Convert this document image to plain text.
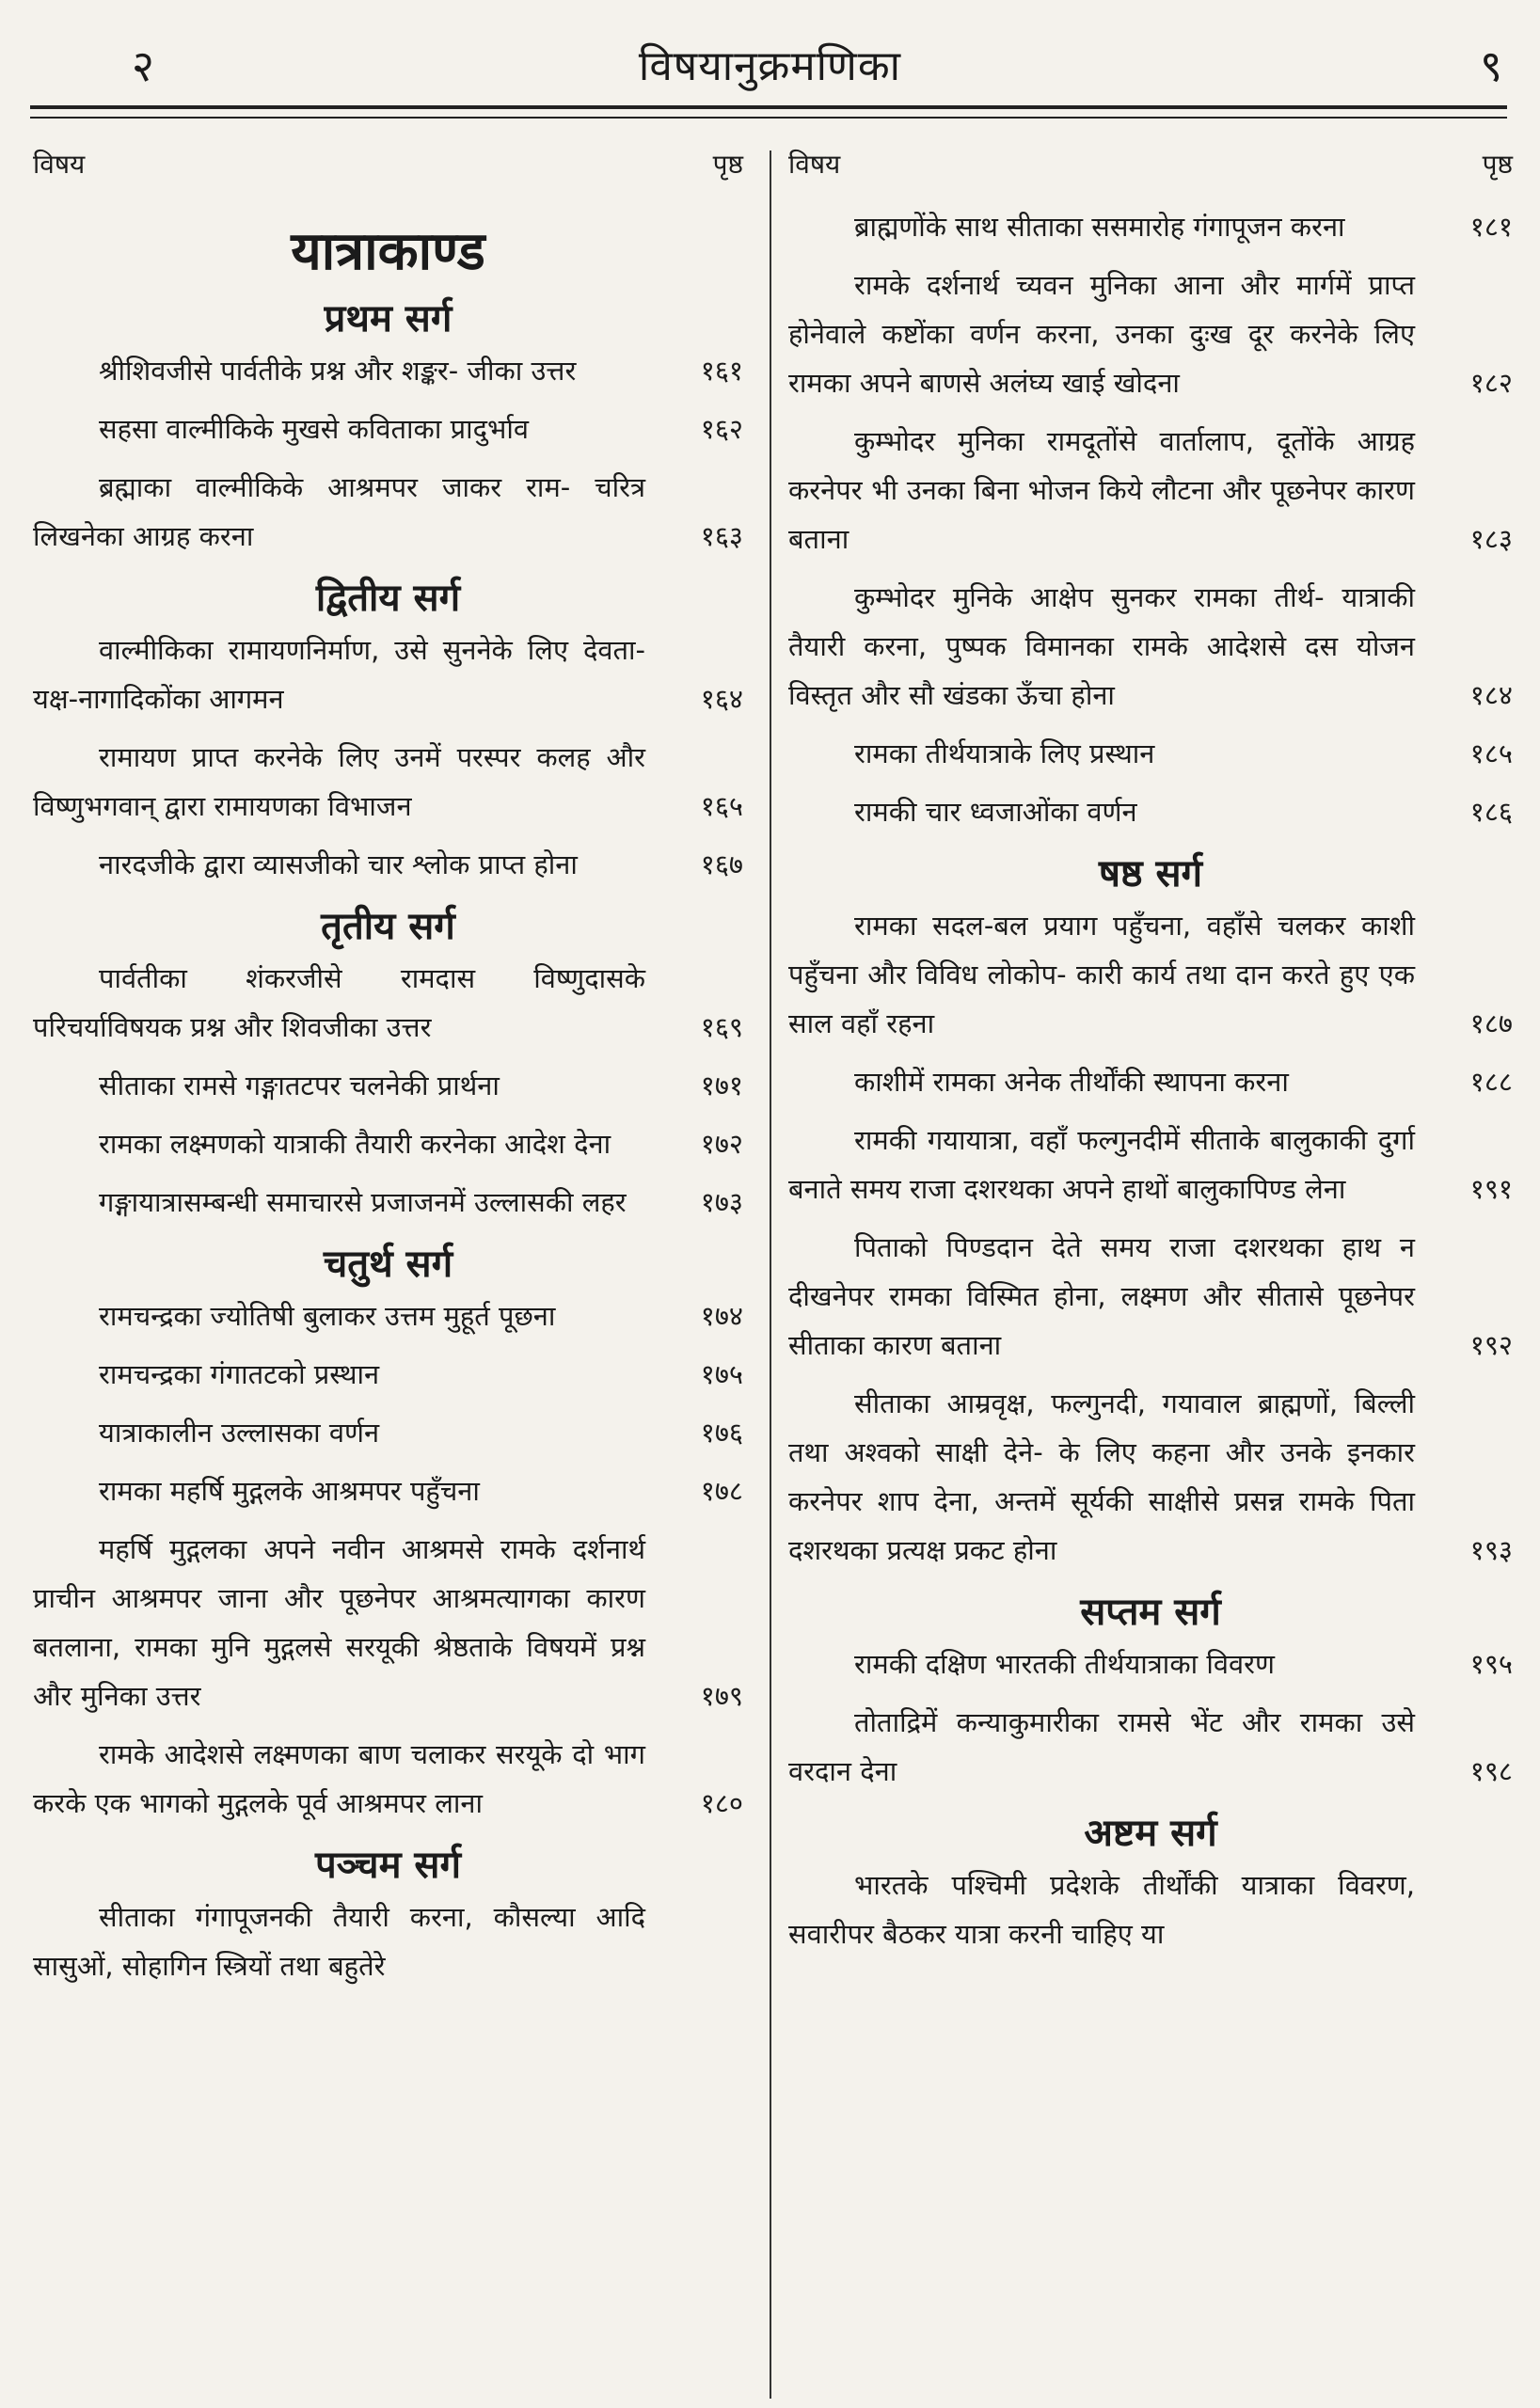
२	विषयानुक्रमणिका	९
विषय	पृष्ठ
यात्राकाण्ड
प्रथम सर्ग
श्रीशिवजीसे पार्वतीके प्रश्न और शङ्कर- जीका उत्तर	१६१
सहसा वाल्मीकिके मुखसे कविताका प्रादुर्भाव	१६२
ब्रह्माका वाल्मीकिके आश्रमपर जाकर राम- चरित्र लिखनेका आग्रह करना	१६३
द्वितीय सर्ग
वाल्मीकिका रामायणनिर्माण, उसे सुननेके लिए देवता-यक्ष-नागादिकोंका आगमन	१६४
रामायण प्राप्त करनेके लिए उनमें परस्पर कलह और विष्णुभगवान् द्वारा रामायणका विभाजन	१६५
नारदजीके द्वारा व्यासजीको चार श्लोक प्राप्त होना	१६७
तृतीय सर्ग
पार्वतीका शंकरजीसे रामदास विष्णुदासके परिचर्याविषयक प्रश्न और शिवजीका उत्तर	१६९
सीताका रामसे गङ्गातटपर चलनेकी प्रार्थना	१७१
रामका लक्ष्मणको यात्राकी तैयारी करनेका आदेश देना	१७२
गङ्गायात्रासम्बन्धी समाचारसे प्रजाजनमें उल्लासकी लहर	१७३
चतुर्थ सर्ग
रामचन्द्रका ज्योतिषी बुलाकर उत्तम मुहूर्त पूछना	१७४
रामचन्द्रका गंगातटको प्रस्थान	१७५
यात्राकालीन उल्लासका वर्णन	१७६
रामका महर्षि मुद्गलके आश्रमपर पहुँचना	१७८
महर्षि मुद्गलका अपने नवीन आश्रमसे रामके दर्शनार्थ प्राचीन आश्रमपर जाना और पूछनेपर आश्रमत्यागका कारण बतलाना, रामका मुनि मुद्गलसे सरयूकी श्रेष्ठताके विषयमें प्रश्न और मुनिका उत्तर	१७९
रामके आदेशसे लक्ष्मणका बाण चलाकर सरयूके दो भाग करके एक भागको मुद्गलके पूर्व आश्रमपर लाना	१८०
पञ्चम सर्ग
सीताका गंगापूजनकी तैयारी करना, कौसल्या आदि सासुओं, सोहागिन स्त्रियों तथा बहुतेरे
विषय	पृष्ठ
ब्राह्मणोंके साथ सीताका ससमारोह गंगापूजन करना	१८१
रामके दर्शनार्थ च्यवन मुनिका आना और मार्गमें प्राप्त होनेवाले कष्टोंका वर्णन करना, उनका दुःख दूर करनेके लिए रामका अपने बाणसे अलंघ्य खाई खोदना	१८२
कुम्भोदर मुनिका रामदूतोंसे वार्तालाप, दूतोंके आग्रह करनेपर भी उनका बिना भोजन किये लौटना और पूछनेपर कारण बताना	१८३
कुम्भोदर मुनिके आक्षेप सुनकर रामका तीर्थ- यात्राकी तैयारी करना, पुष्पक विमानका रामके आदेशसे दस योजन विस्तृत और सौ खंडका ऊँचा होना	१८४
रामका तीर्थयात्राके लिए प्रस्थान	१८५
रामकी चार ध्वजाओंका वर्णन	१८६
षष्ठ सर्ग
रामका सदल-बल प्रयाग पहुँचना, वहाँसे चलकर काशी पहुँचना और विविध लोकोप- कारी कार्य तथा दान करते हुए एक साल वहाँ रहना	१८७
काशीमें रामका अनेक तीर्थोंकी स्थापना करना	१८८
रामकी गयायात्रा, वहाँ फल्गुनदीमें सीताके बालुकाकी दुर्गा बनाते समय राजा दशरथका अपने हाथों बालुकापिण्ड लेना	१९१
पिताको पिण्डदान देते समय राजा दशरथका हाथ न दीखनेपर रामका विस्मित होना, लक्ष्मण और सीतासे पूछनेपर सीताका कारण बताना	१९२
सीताका आम्रवृक्ष, फल्गुनदी, गयावाल ब्राह्मणों, बिल्ली तथा अश्वको साक्षी देने- के लिए कहना और उनके इनकार करनेपर शाप देना, अन्तमें सूर्यकी साक्षीसे प्रसन्न रामके पिता दशरथका प्रत्यक्ष प्रकट होना	१९३
सप्तम सर्ग
रामकी दक्षिण भारतकी तीर्थयात्राका विवरण	१९५
तोताद्रिमें कन्याकुमारीका रामसे भेंट और रामका उसे वरदान देना	१९८
अष्टम सर्ग
भारतके पश्चिमी प्रदेशके तीर्थोंकी यात्राका विवरण, सवारीपर बैठकर यात्रा करनी चाहिए या
